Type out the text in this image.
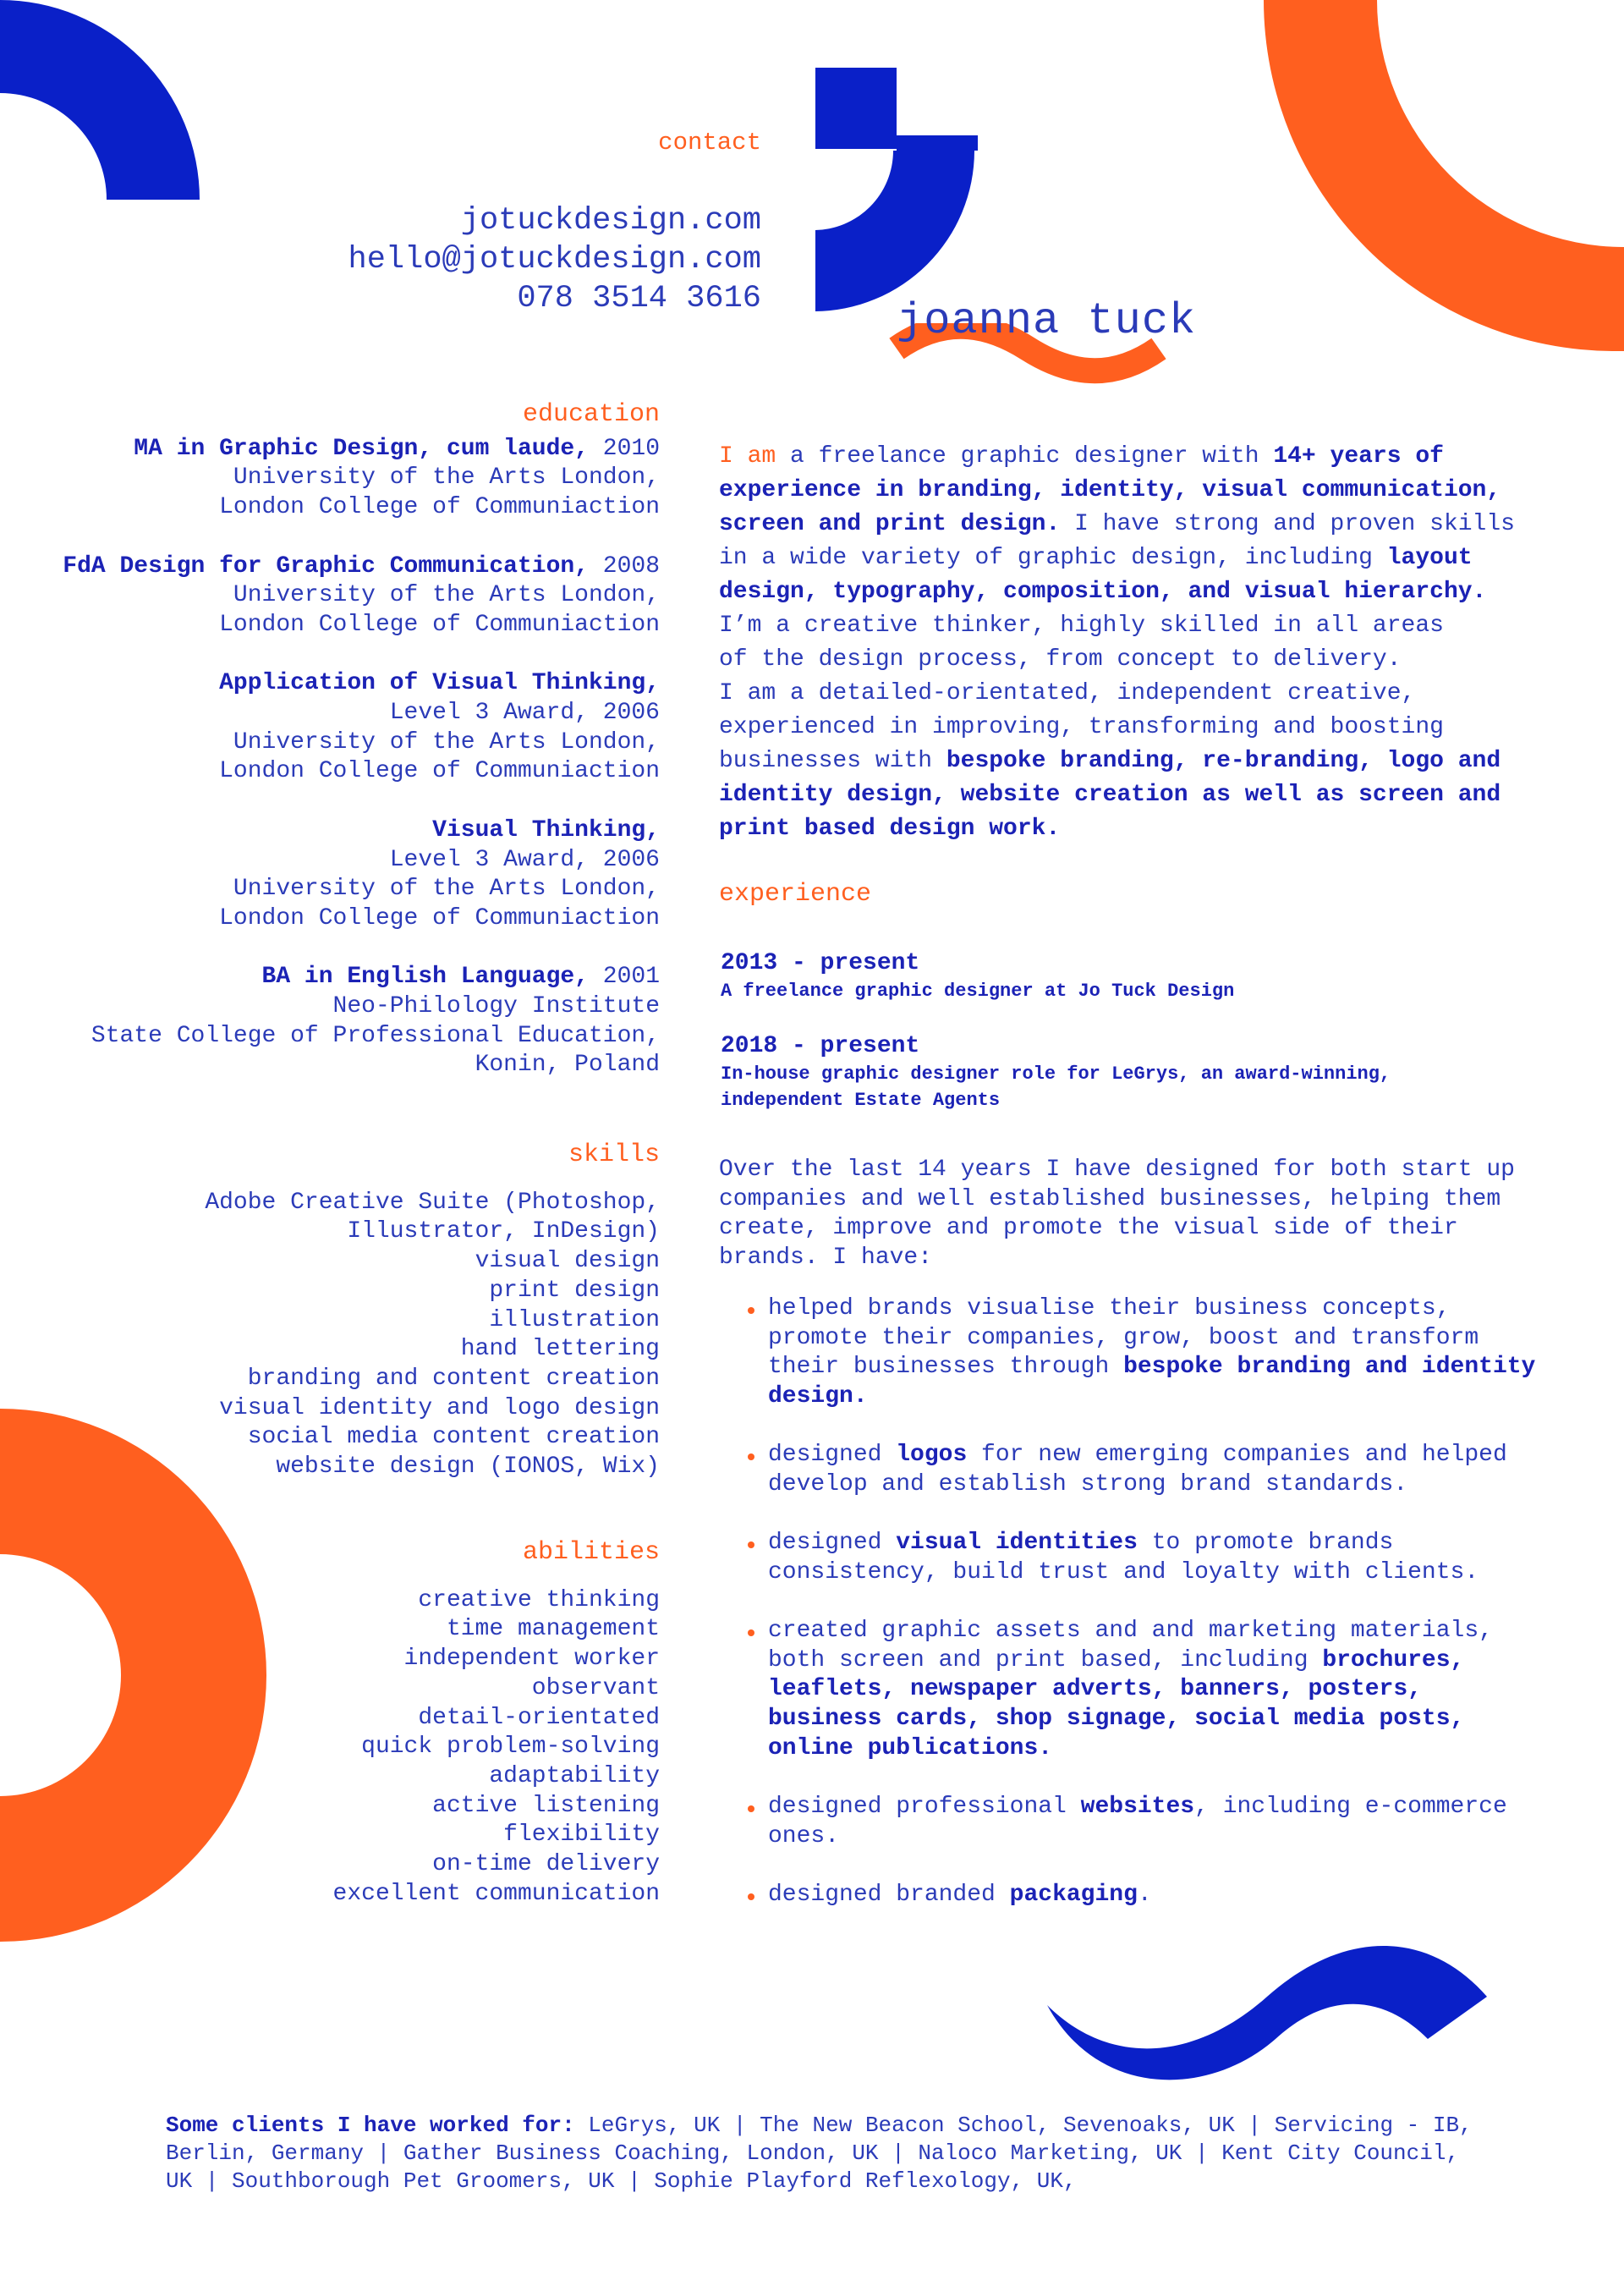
contact
jotuckdesign.com
hello@jotuckdesign.com
078 3514 3616	joanna tuck
education
MA in Graphic Design, cum laude, 2010
University of the Arts London,
London College of Communiaction
FdA Design for Graphic Communication, 2008
University of the Arts London,
London College of Communiaction
Application of Visual Thinking,
Level 3 Award, 2006
University of the Arts London,
London College of Communiaction
Visual Thinking,
Level 3 Award, 2006
University of the Arts London,
London College of Communiaction
BA in English Language, 2001
Neo-Philology Institute
State College of Professional Education,
Konin, Poland
skills
Adobe Creative Suite (Photoshop,
Illustrator, InDesign)
visual design
print design
illustration
hand lettering
branding and content creation
visual identity and logo design
social media content creation
website design (IONOS, Wix)
abilities
creative thinking
time management
independent worker
observant
detail-orientated
quick problem-solving
adaptability
active listening
flexibility
on-time delivery
excellent communication
I am a freelance graphic designer with 14+ years of
experience in branding, identity, visual communication,
screen and print design. I have strong and proven skills
in a wide variety of graphic design, including layout
design, typography, composition, and visual hierarchy.
I’m a creative thinker, highly skilled in all areas
of the design process, from concept to delivery.
I am a detailed-orientated, independent creative,
experienced in improving, transforming and boosting
businesses with bespoke branding, re-branding, logo and
identity design, website creation as well as screen and
print based design work.
experience
2013 - present
A freelance graphic designer at Jo Tuck Design
2018 - present
In-house graphic designer role for LeGrys, an award-winning,
independent Estate Agents
Over the last 14 years I have designed for both start up
companies and well established businesses, helping them
create, improve and promote the visual side of their
brands. I have:
helped brands visualise their business concepts,
promote their companies, grow, boost and transform
their businesses through bespoke branding and identity
design.
designed logos for new emerging companies and helped
develop and establish strong brand standards.
designed visual identities to promote brands
consistency, build trust and loyalty with clients.
created graphic assets and and marketing materials,
both screen and print based, including brochures,
leaflets, newspaper adverts, banners, posters,
business cards, shop signage, social media posts,
online publications.
designed professional websites, including e-commerce
ones.
designed branded packaging.
Some clients I have worked for: LeGrys, UK | The New Beacon School, Sevenoaks, UK | Servicing - IB,
Berlin, Germany | Gather Business Coaching, London, UK | Naloco Marketing, UK | Kent City Council,
UK | Southborough Pet Groomers, UK | Sophie Playford Reflexology, UK,
